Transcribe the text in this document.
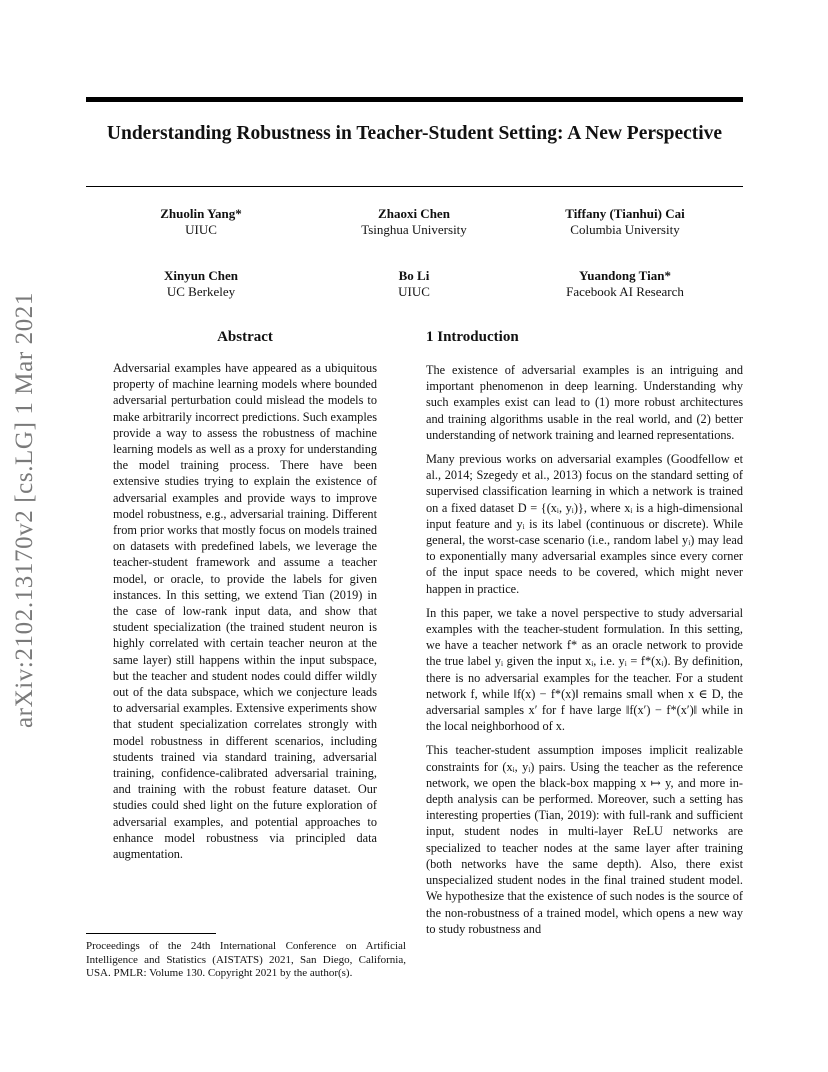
arXiv:2102.13170v2 [cs.LG] 1 Mar 2021
Understanding Robustness in Teacher-Student Setting: A New Perspective
Zhuolin Yang*
UIUC
Zhaoxi Chen
Tsinghua University
Tiffany (Tianhui) Cai
Columbia University
Xinyun Chen
UC Berkeley
Bo Li
UIUC
Yuandong Tian*
Facebook AI Research
Abstract

Adversarial examples have appeared as a ubiquitous property of machine learning models where bounded adversarial perturbation could mislead the models to make arbitrarily incorrect predictions. Such examples provide a way to assess the robustness of machine learning models as well as a proxy for understanding the model training process. There have been extensive studies trying to explain the existence of adversarial examples and provide ways to improve model robustness, e.g., adversarial training. Different from prior works that mostly focus on models trained on datasets with predefined labels, we leverage the teacher-student framework and assume a teacher model, or oracle, to provide the labels for given instances. In this setting, we extend Tian (2019) in the case of low-rank input data, and show that student specialization (the trained student neuron is highly correlated with certain teacher neuron at the same layer) still happens within the input subspace, but the teacher and student nodes could differ wildly out of the data subspace, which we conjecture leads to adversarial examples. Extensive experiments show that student specialization correlates strongly with model robustness in different scenarios, including students trained via standard training, adversarial training, confidence-calibrated adversarial training, and training with the robust feature dataset. Our studies could shed light on the future exploration of adversarial examples, and potential approaches to enhance model robustness via principled data augmentation.

1 Introduction

The existence of adversarial examples is an intriguing and important phenomenon in deep learning. Understanding why such examples exist can lead to (1) more robust architectures and training algorithms usable in the real world, and (2) better understanding of network training and learned representations.

Many previous works on adversarial examples (Goodfellow et al., 2014; Szegedy et al., 2013) focus on the standard setting of supervised classification learning in which a network is trained on a fixed dataset D = {(xᵢ, yᵢ)}, where xᵢ is a high-dimensional input feature and yᵢ is its label (continuous or discrete). While general, the worst-case scenario (i.e., random label yᵢ) may lead to exponentially many adversarial examples since every corner of the input space needs to be covered, which might never happen in practice.

In this paper, we take a novel perspective to study adversarial examples with the teacher-student formulation. In this setting, we have a teacher network f* as an oracle network to provide the true label yᵢ given the input xᵢ, i.e. yᵢ = f*(xᵢ). By definition, there is no adversarial examples for the teacher. For a student network f, while ‖f(x) − f*(x)‖ remains small when x ∈ D, the adversarial samples x′ for f have large ‖f(x′) − f*(x′)‖ while in the local neighborhood of x.

This teacher-student assumption imposes implicit realizable constraints for (xᵢ, yᵢ) pairs. Using the teacher as the reference network, we open the black-box mapping x ↦ y, and more in-depth analysis can be performed. Moreover, such a setting has interesting properties (Tian, 2019): with full-rank and sufficient input, student nodes in multi-layer ReLU networks are specialized to teacher nodes at the same layer after training (both networks have the same depth). Also, there exist unspecialized student nodes in the final trained student model. We hypothesize that the existence of such nodes is the source of the non-robustness of a trained model, which opens a new way to study robustness and

Proceedings of the 24th International Conference on Artificial Intelligence and Statistics (AISTATS) 2021, San Diego, California, USA. PMLR: Volume 130. Copyright 2021 by the author(s).
